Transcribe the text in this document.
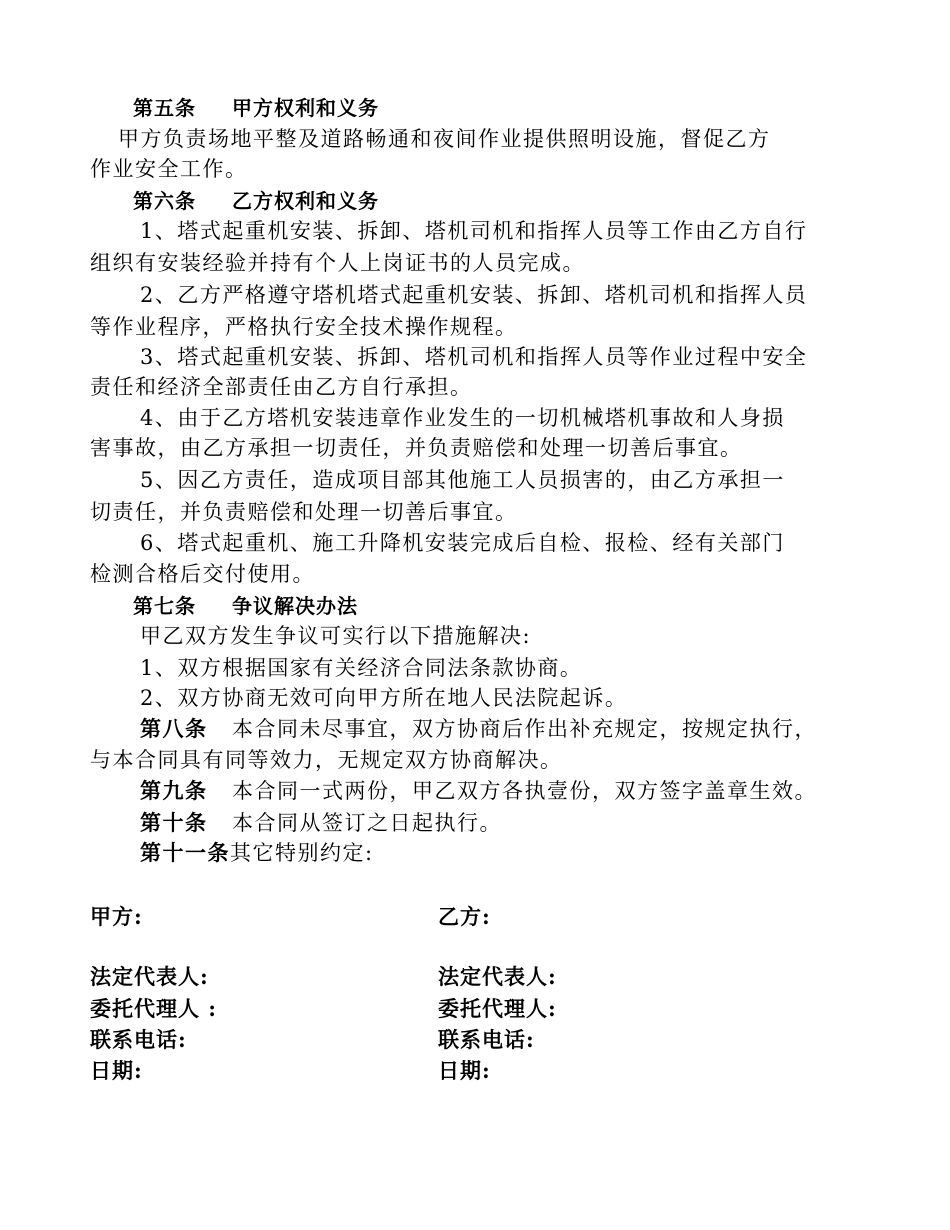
第五条 甲方权利和义务
甲方负责场地平整及道路畅通和夜间作业提供照明设施，督促乙方
作业安全工作。
第六条 乙方权利和义务
1、塔式起重机安装、拆卸、塔机司机和指挥人员等工作由乙方自行
组织有安装经验并持有个人上岗证书的人员完成。
2、乙方严格遵守塔机塔式起重机安装、拆卸、塔机司机和指挥人员
等作业程序，严格执行安全技术操作规程。
3、塔式起重机安装、拆卸、塔机司机和指挥人员等作业过程中安全
责任和经济全部责任由乙方自行承担。
4、由于乙方塔机安装违章作业发生的一切机械塔机事故和人身损
害事故，由乙方承担一切责任，并负责赔偿和处理一切善后事宜。
5、因乙方责任，造成项目部其他施工人员损害的，由乙方承担一
切责任，并负责赔偿和处理一切善后事宜。
6、塔式起重机、施工升降机安装完成后自检、报检、经有关部门
检测合格后交付使用。
第七条 争议解决办法
甲乙双方发生争议可实行以下措施解决:
1、双方根据国家有关经济合同法条款协商。
2、双方协商无效可向甲方所在地人民法院起诉。
第八条 本合同未尽事宜，双方协商后作出补充规定，按规定执行，
与本合同具有同等效力，无规定双方协商解决。
第九条 本合同一式两份，甲乙双方各执壹份，双方签字盖章生效。
第十条 本合同从签订之日起执行。
第十一条其它特别约定:
甲方:
法定代表人:
委托代理人 :
联系电话:
日期:
乙方:
法定代表人:
委托代理人:
联系电话:
日期:
